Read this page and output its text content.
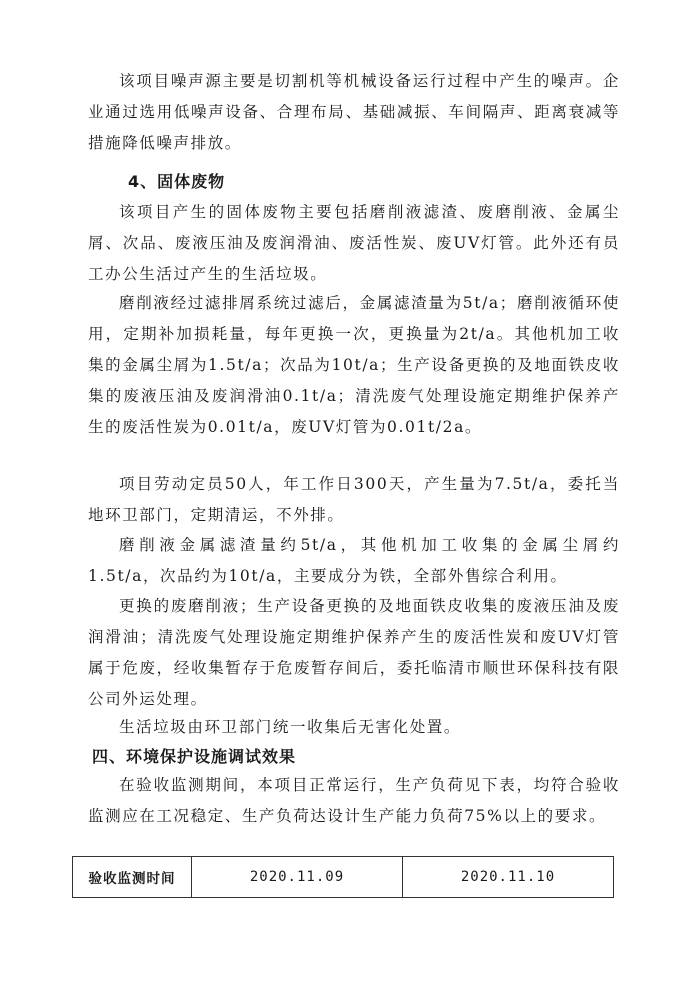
该项目噪声源主要是切割机等机械设备运行过程中产生的噪声。企业通过选用低噪声设备、合理布局、基础减振、车间隔声、距离衰减等措施降低噪声排放。

4、固体废物

该项目产生的固体废物主要包括磨削液滤渣、废磨削液、金属尘屑、次品、废液压油及废润滑油、废活性炭、废UV灯管。此外还有员工办公生活过产生的生活垃圾。

磨削液经过滤排屑系统过滤后，金属滤渣量为5t/a；磨削液循环使用，定期补加损耗量，每年更换一次，更换量为2t/a。其他机加工收集的金属尘屑为1.5t/a；次品为10t/a；生产设备更换的及地面铁皮收集的废液压油及废润滑油0.1t/a；清洗废气处理设施定期维护保养产生的废活性炭为0.01t/a，废UV灯管为0.01t/2a。

项目劳动定员50人，年工作日300天，产生量为7.5t/a，委托当地环卫部门，定期清运，不外排。

磨削液金属滤渣量约5t/a，其他机加工收集的金属尘屑约1.5t/a，次品约为10t/a，主要成分为铁，全部外售综合利用。

更换的废磨削液；生产设备更换的及地面铁皮收集的废液压油及废润滑油；清洗废气处理设施定期维护保养产生的废活性炭和废UV灯管属于危废，经收集暂存于危废暂存间后，委托临清市顺世环保科技有限公司外运处理。

生活垃圾由环卫部门统一收集后无害化处置。

四、环境保护设施调试效果

在验收监测期间，本项目正常运行，生产负荷见下表，均符合验收监测应在工况稳定、生产负荷达设计生产能力负荷75%以上的要求。

验收监测时间	2020.11.09	2020.11.10
